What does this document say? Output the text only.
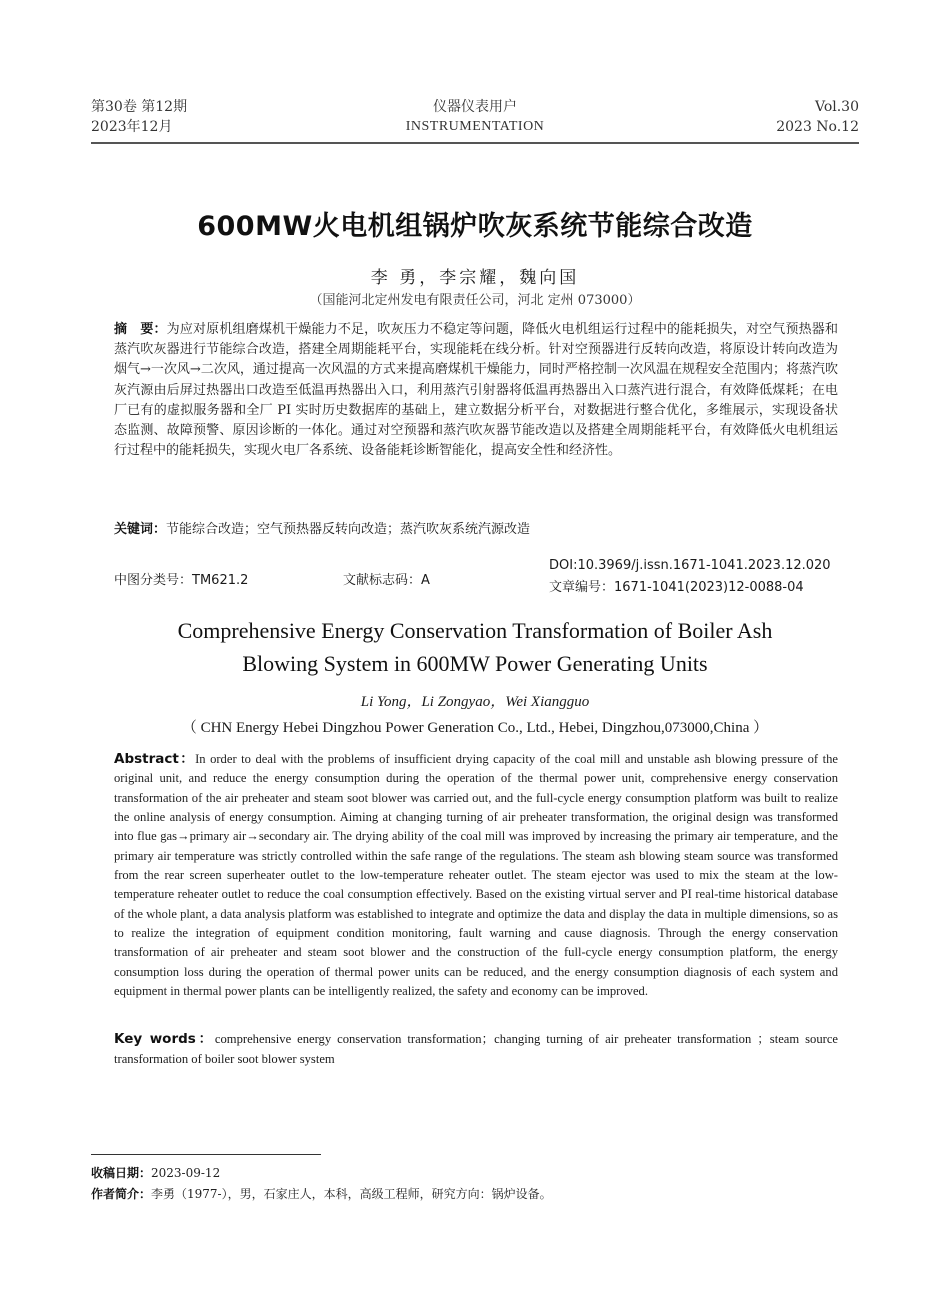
第30卷 第12期
2023年12月
仪器仪表用户
INSTRUMENTATION
Vol.30
2023 No.12
600MW火电机组锅炉吹灰系统节能综合改造
李 勇，李宗耀，魏向国
（国能河北定州发电有限责任公司，河北 定州 073000）
摘　要：为应对原机组磨煤机干燥能力不足，吹灰压力不稳定等问题，降低火电机组运行过程中的能耗损失，对空气预热器和蒸汽吹灰器进行节能综合改造，搭建全周期能耗平台，实现能耗在线分析。针对空预器进行反转向改造，将原设计转向改造为烟气→一次风→二次风，通过提高一次风温的方式来提高磨煤机干燥能力，同时严格控制一次风温在规程安全范围内；将蒸汽吹灰汽源由后屏过热器出口改造至低温再热器出入口，利用蒸汽引射器将低温再热器出入口蒸汽进行混合，有效降低煤耗；在电厂已有的虚拟服务器和全厂 PI 实时历史数据库的基础上，建立数据分析平台，对数据进行整合优化，多维展示，实现设备状态监测、故障预警、原因诊断的一体化。通过对空预器和蒸汽吹灰器节能改造以及搭建全周期能耗平台，有效降低火电机组运行过程中的能耗损失，实现火电厂各系统、设备能耗诊断智能化，提高安全性和经济性。
关键词：节能综合改造；空气预热器反转向改造；蒸汽吹灰系统汽源改造
中图分类号：TM621.2	文献标志码：A
DOI:10.3969/j.issn.1671-1041.2023.12.020
文章编号：1671-1041(2023)12-0088-04
Comprehensive Energy Conservation Transformation of Boiler Ash
Blowing System in 600MW Power Generating Units
Li Yong，Li Zongyao，Wei Xiangguo
（ CHN Energy Hebei Dingzhou Power Generation Co., Ltd., Hebei, Dingzhou,073000,China ）
Abstract：In order to deal with the problems of insufficient drying capacity of the coal mill and unstable ash blowing pressure of the original unit, and reduce the energy consumption during the operation of the thermal power unit, comprehensive energy conservation transformation of the air preheater and steam soot blower was carried out, and the full-cycle energy consumption platform was built to realize the online analysis of energy consumption. Aiming at changing turning of air preheater transformation, the original design was transformed into flue gas→primary air→secondary air. The drying ability of the coal mill was improved by increasing the primary air temperature, and the primary air temperature was strictly controlled within the safe range of the regulations. The steam ash blowing steam source was transformed from the rear screen superheater outlet to the low-temperature reheater outlet. The steam ejector was used to mix the steam at the low-temperature reheater outlet to reduce the coal consumption effectively. Based on the existing virtual server and PI real-time historical database of the whole plant, a data analysis platform was established to integrate and optimize the data and display the data in multiple dimensions, so as to realize the integration of equipment condition monitoring, fault warning and cause diagnosis. Through the energy conservation transformation of air preheater and steam soot blower and the construction of the full-cycle energy consumption platform, the energy consumption loss during the operation of thermal power units can be reduced, and the energy consumption diagnosis of each system and equipment in thermal power plants can be intelligently realized, the safety and economy can be improved.
Key words：comprehensive energy conservation transformation；changing turning of air preheater transformation ；steam source transformation of boiler soot blower system
收稿日期：2023-09-12
作者简介：李勇（1977-），男，石家庄人，本科，高级工程师，研究方向：锅炉设备。
